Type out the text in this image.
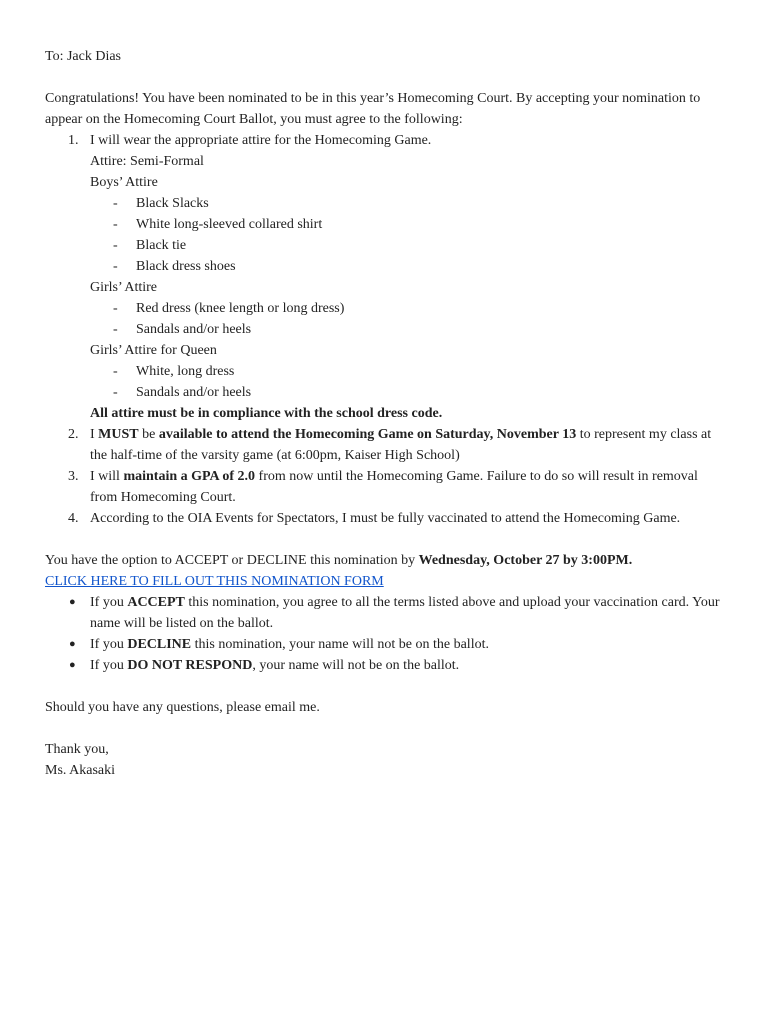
To: Jack Dias

Congratulations! You have been nominated to be in this year’s Homecoming Court. By accepting your nomination to appear on the Homecoming Court Ballot, you must agree to the following:

1. I will wear the appropriate attire for the Homecoming Game.

Attire: Semi-Formal

Boys’ Attire

- Black Slacks
- White long-sleeved collared shirt
- Black tie
- Black dress shoes

Girls’ Attire

- Red dress (knee length or long dress)
- Sandals and/or heels

Girls’ Attire for Queen

- White, long dress
- Sandals and/or heels

All attire must be in compliance with the school dress code.

2. I MUST be available to attend the Homecoming Game on Saturday, November 13 to represent my class at the half-time of the varsity game (at 6:00pm, Kaiser High School)

3. I will maintain a GPA of 2.0 from now until the Homecoming Game. Failure to do so will result in removal from Homecoming Court.

4. According to the OIA Events for Spectators, I must be fully vaccinated to attend the Homecoming Game.

You have the option to ACCEPT or DECLINE this nomination by Wednesday, October 27 by 3:00PM.

CLICK HERE TO FILL OUT THIS NOMINATION FORM

● If you ACCEPT this nomination, you agree to all the terms listed above and upload your vaccination card. Your name will be listed on the ballot.
● If you DECLINE this nomination, your name will not be on the ballot.
● If you DO NOT RESPOND, your name will not be on the ballot.

Should you have any questions, please email me.

Thank you,

Ms. Akasaki
